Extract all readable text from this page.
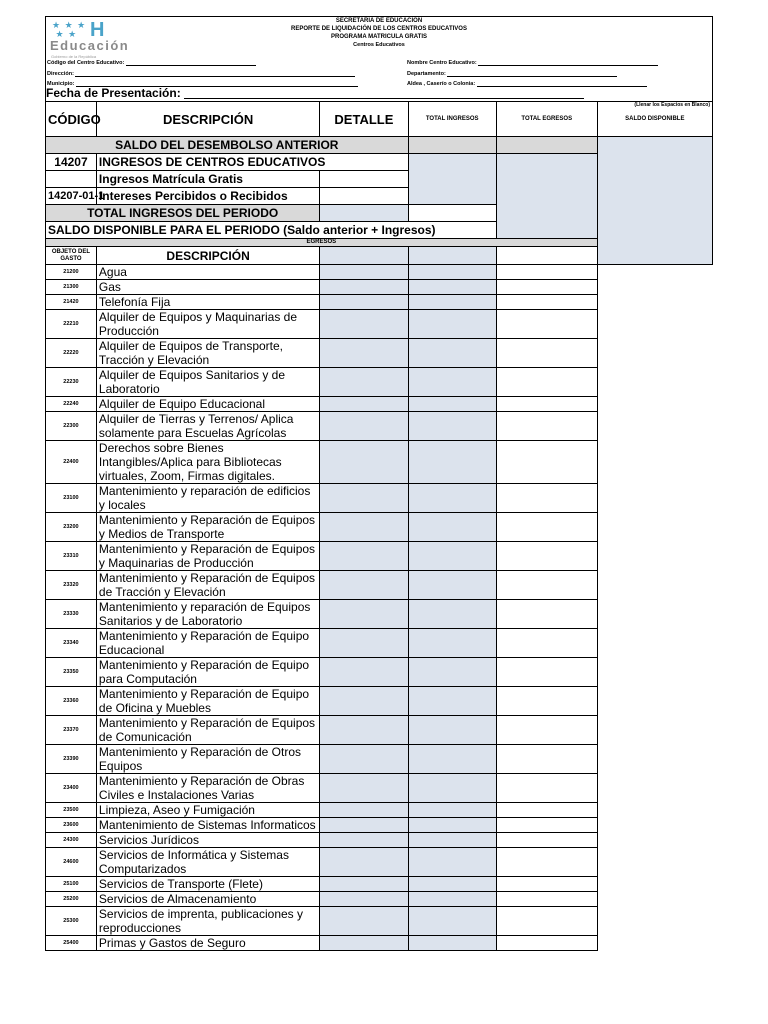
★ ★ ★
★ ★ H
Educación
Gobierno de la República
SECRETARIA DE EDUCACION
REPORTE DE LIQUIDACIÓN DE LOS CENTROS EDUCATIVOS
PROGRAMA MATRICULA GRATIS
Centros Educativos
Código del Centro Educativo:	Nombre Centro Educativo:
Dirección:	Departamento:
Municipio:	Aldea , Caserío o Colonia:
Fecha de Presentación:
(Llenar los Espacios en Blanco)
CÓDIGO	DESCRIPCIÓN	DETALLE	TOTAL INGRESOS	TOTAL EGRESOS	SALDO DISPONIBLE
SALDO DEL DESEMBOLSO ANTERIOR					
14207	INGRESOS DE CENTROS EDUCATIVOS				
	Ingresos Matrícula Gratis				
14207-01-1	Intereses Percibidos o Recibidos				
TOTAL INGRESOS DEL PERIODO					
SALDO DISPONIBLE PARA EL PERIODO (Saldo anterior + Ingresos)					
EGRESOS					
OBJETO DEL GASTO	DESCRIPCIÓN				
21200	Agua				
21300	Gas				
21420	Telefonía Fija				
22210	Alquiler de Equipos y Maquinarias de Producción				
22220	Alquiler de Equipos de Transporte, Tracción y Elevación				
22230	Alquiler de Equipos Sanitarios y de Laboratorio				
22240	Alquiler de Equipo Educacional				
22300	Alquiler de Tierras y Terrenos/ Aplica solamente para Escuelas Agrícolas				
22400	Derechos sobre Bienes Intangibles/Aplica para Bibliotecas virtuales, Zoom, Firmas digitales.				
23100	Mantenimiento y reparación de edificios y locales				
23200	Mantenimiento y Reparación de Equipos y Medios de Transporte				
23310	Mantenimiento y Reparación de Equipos y Maquinarias de Producción				
23320	Mantenimiento y Reparación de Equipos de Tracción y Elevación				
23330	Mantenimiento y reparación de Equipos Sanitarios y de Laboratorio				
23340	Mantenimiento y Reparación de Equipo Educacional				
23350	Mantenimiento y Reparación de Equipo para Computación				
23360	Mantenimiento y Reparación de Equipo de Oficina y Muebles				
23370	Mantenimiento y Reparación de Equipos de Comunicación				
23390	Mantenimiento y Reparación de Otros Equipos				
23400	Mantenimiento y Reparación de Obras Civiles e Instalaciones Varias				
23500	Limpieza, Aseo y Fumigación				
23600	Mantenimiento de Sistemas Informaticos				
24300	Servicios Jurídicos				
24600	Servicios de Informática y Sistemas Computarizados				
25100	Servicios de Transporte (Flete)				
25200	Servicios de Almacenamiento				
25300	Servicios de imprenta, publicaciones y reproducciones				
25400	Primas y Gastos de Seguro				
